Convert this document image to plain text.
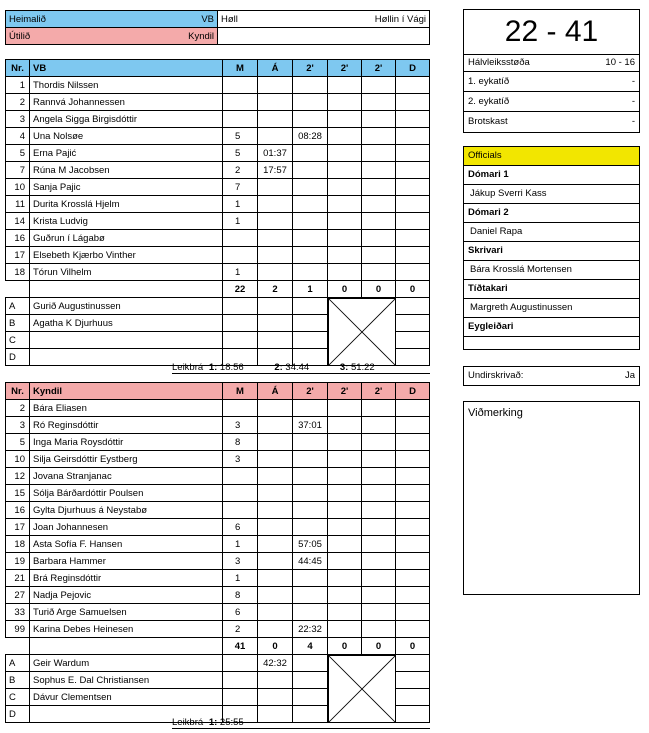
Heimalið VB	Høll Høllin í Vági

Útilið Kyndil	
		22 - 41
Hálvleiksstøða	10 - 16
1. eykatíð	-
2. eykatíð	-
Brotskast	-
Officials
Dómari 1
Jákup Sverri Kass
Dómari 2
Daniel Rapa
Skrivari
Bára Krosslá Mortensen
Tíðtakari
Margreth Augustinussen
Eygleiðari
Undirskrivað:	Ja
Viðmerking
Nr.	VB	M	Á	2'	2'	2'	D
1	Thordis Nilssen						
2	Rannvá Johannessen						
3	Angela Sigga Birgisdóttir						
4	Una Nolsøe	5		08:28			
5	Erna Pajić	5	01:37				
7	Rúna M Jacobsen	2	17:57				
10	Sanja Pajic	7					
11	Durita Krosslá Hjelm	1					
14	Krista Ludvig	1					
16	Guðrun í Lágabø						
17	Elsebeth Kjærbo Vinther						
18	Tórun Vilhelm	1					
		22	2	1	0	0	0
A	Gurið Augustinussen						
B	Agatha K Djurhuus						
C							
D							
Leikbrá 1: 18:56	2: 34:44	3: 51:22
Nr.	Kyndil	M	Á	2'	2'	2'	D
2	Bára Eliasen						
3	Ró Reginsdóttir	3		37:01			
5	Inga Maria Roysdóttir	8					
10	Silja Geirsdóttir Eystberg	3					
12	Jovana Stranjanac						
15	Sólja Bárðardóttir Poulsen						
16	Gylta Djurhuus á Neystabø						
17	Joan Johannesen	6					
18	Asta Sofía F. Hansen	1		57:05			
19	Barbara Hammer	3		44:45			
21	Brá Reginsdóttir	1					
27	Nadja Pejovic	8					
33	Turið Arge Samuelsen	6					
99	Karina Debes Heinesen	2		22:32			
		41	0	4	0	0	0
A	Geir Wardum		42:32				
B	Sophus E. Dal Christiansen						
C	Dávur Clementsen						
D							
Leikbrá 1: 25:55
